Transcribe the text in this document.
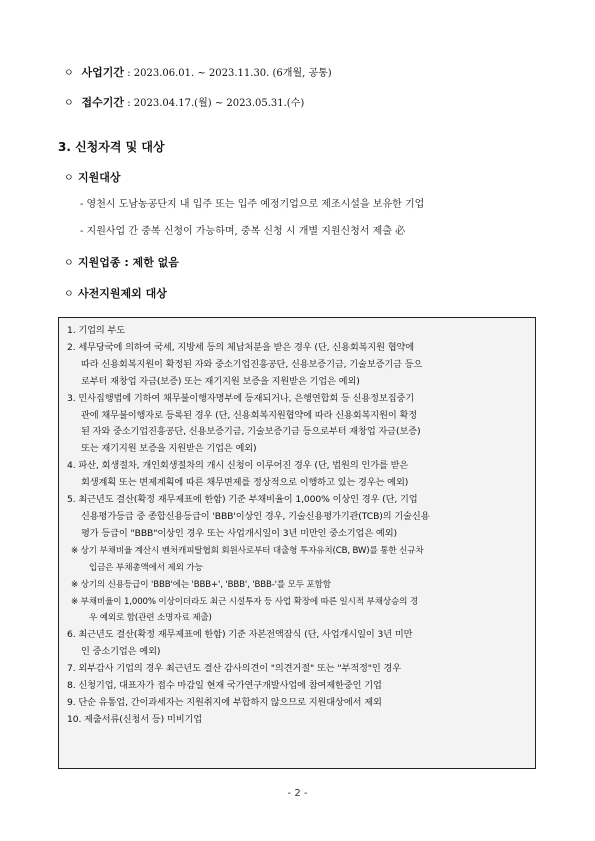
ㅇ 사업기간 : 2023.06.01. ~ 2023.11.30. (6개월, 공통)
ㅇ 접수기간 : 2023.04.17.(월) ~ 2023.05.31.(수)
3. 신청자격 및 대상
ㅇ 지원대상
- 영천시 도남농공단지 내 입주 또는 입주 예정기업으로 제조시설을 보유한 기업
- 지원사업 간 중복 신청이 가능하며, 중복 신청 시 개별 지원신청서 제출 必
ㅇ 지원업종 : 제한 없음
ㅇ 사전지원제외 대상
1. 기업의 부도
2. 세무당국에 의하여 국세, 지방세 등의 체납처분을 받은 경우 (단, 신용회복지원 협약에
따라 신용회복지원이 확정된 자와 중소기업진흥공단, 신용보증기금, 기술보증기금 등으
로부터 재창업 자금(보증) 또는 재기지원 보증을 지원받은 기업은 예외)
3. 민사집행법에 기하여 채무불이행자명부에 등재되거나, 은행연합회 등 신용정보집중기
관에 채무불이행자로 등록된 경우 (단, 신용회복지원협약에 따라 신용회복지원이 확정
된 자와 중소기업진흥공단, 신용보증기금, 기술보증기금 등으로부터 재창업 자금(보증)
또는 재기지원 보증을 지원받은 기업은 예외)
4. 파산, 회생절차, 개인회생절차의 개시 신청이 이루어진 경우 (단, 법원의 인가를 받은
회생계획 또는 변제계획에 따른 채무변제를 정상적으로 이행하고 있는 경우는 예외)
5. 최근년도 결산(확정 재무제표에 한함) 기준 부채비율이 1,000% 이상인 경우 (단, 기업
신용평가등급 중 종합신용등급이 'BBB'이상인 경우, 기술신용평가기관(TCB)의 기술신용
평가 등급이 "BBB"이상인 경우 또는 사업개시일이 3년 미만인 중소기업은 예외)
※ 상기 부채비율 계산시 벤처캐피탈협회 회원사로부터 대출형 투자유치(CB, BW)를 통한 신규차
입금은 부채총액에서 제외 가능
※ 상기의 신용등급이 'BBB'에는 'BBB+', 'BBB', 'BBB-'를 모두 포함함
※ 부채비율이 1,000% 이상이더라도 최근 시설투자 등 사업 확장에 따른 일시적 부채상승의 경
우 예외로 함(관련 소명자료 제출)
6. 최근년도 결산(확정 재무제표에 한함) 기준 자본전액잠식 (단, 사업개시일이 3년 미만
인 중소기업은 예외)
7. 외부감사 기업의 경우 최근년도 결산 감사의견이 "의견거절" 또는 "부적정"인 경우
8. 신청기업, 대표자가 접수 마감일 현재 국가연구개발사업에 참여제한중인 기업
9. 단순 유통업, 간이과세자는 지원취지에 부합하지 않으므로 지원대상에서 제외
10. 제출서류(신청서 등) 미비기업
- 2 -
